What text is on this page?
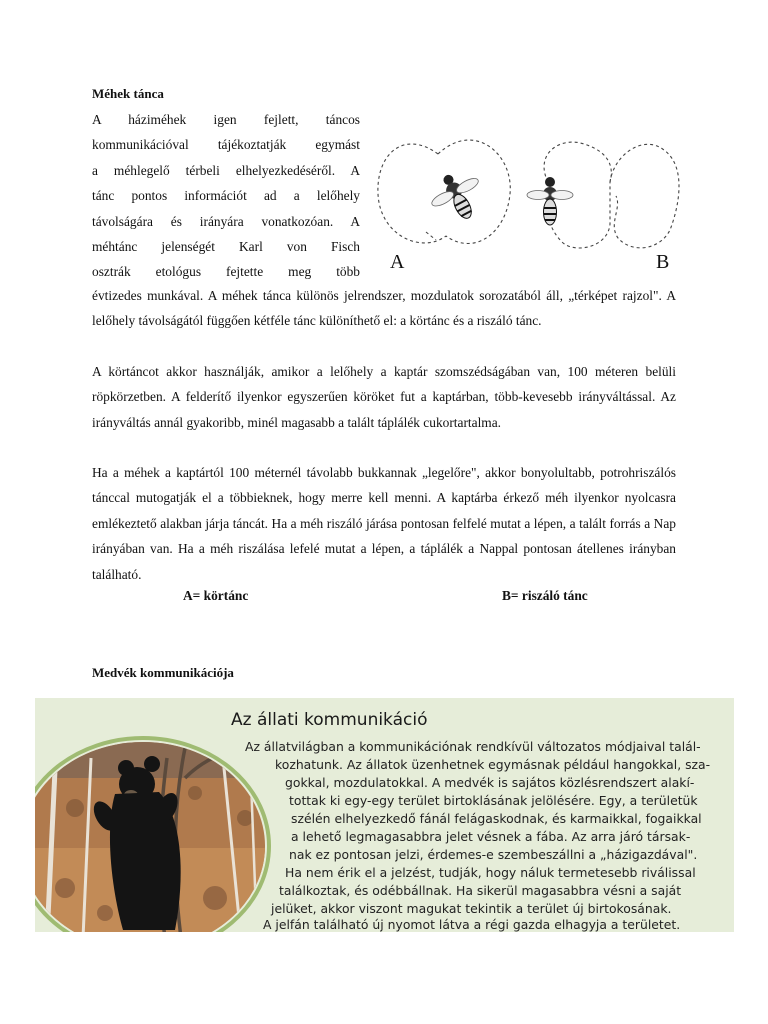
Méhek tánca
A háziméhek igen fejlett, táncos
kommunikációval tájékoztatják egymást
a méhlegelő térbeli elhelyezkedéséről. A
tánc pontos információt ad a lelőhely
távolságára és irányára vonatkozóan. A
méhtánc jelenségét Karl von Fisch
osztrák etológus fejtette meg több A	B

évtizedes munkával. A méhek tánca különös jelrendszer, mozdulatok sorozatából áll, „térképet rajzol". A lelőhely távolságától függően kétféle tánc különíthető el: a körtánc és a riszáló tánc.

A körtáncot akkor használják, amikor a lelőhely a kaptár szomszédságában van, 100 méteren belüli röpkörzetben. A felderítő ilyenkor egyszerűen köröket fut a kaptárban, több-kevesebb irányváltással. Az irányváltás annál gyakoribb, minél magasabb a talált táplálék cukortartalma.

Ha a méhek a kaptártól 100 méternél távolabb bukkannak „legelőre", akkor bonyolultabb, potrohriszálós tánccal mutogatják el a többieknek, hogy merre kell menni. A kaptárba érkező méh ilyenkor nyolcasra emlékeztető alakban járja táncát. Ha a méh riszáló járása pontosan felfelé mutat a lépen, a talált forrás a Nap irányában van. Ha a méh riszálása lefelé mutat a lépen, a táplálék a Nappal pontosan átellenes irányban található.

A= körtánc	B= riszáló tánc
Medvék kommunikációja
Az állati kommunikáció
Az állatvilágban a kommunikációnak rendkívül változatos módjaival talál-
kozhatunk. Az állatok üzenhetnek egymásnak például hangokkal, sza-
gokkal, mozdulatokkal. A medvék is sajátos közlésrendszert alakí-
tottak ki egy-egy terület birtoklásának jelölésére. Egy, a területük
szélén elhelyezkedő fánál felágaskodnak, és karmaikkal, fogaikkal
a lehető legmagasabbra jelet vésnek a fába. Az arra járó társak-
nak ez pontosan jelzi, érdemes-e szembeszállni a „házigazdával".
Ha nem érik el a jelzést, tudják, hogy náluk termetesebb riválissal
találkoztak, és odébbállnak. Ha sikerül magasabbra vésni a saját
jelüket, akkor viszont magukat tekintik a terület új birtokosának.
A jelfán található új nyomot látva a régi gazda elhagyja a területet.
